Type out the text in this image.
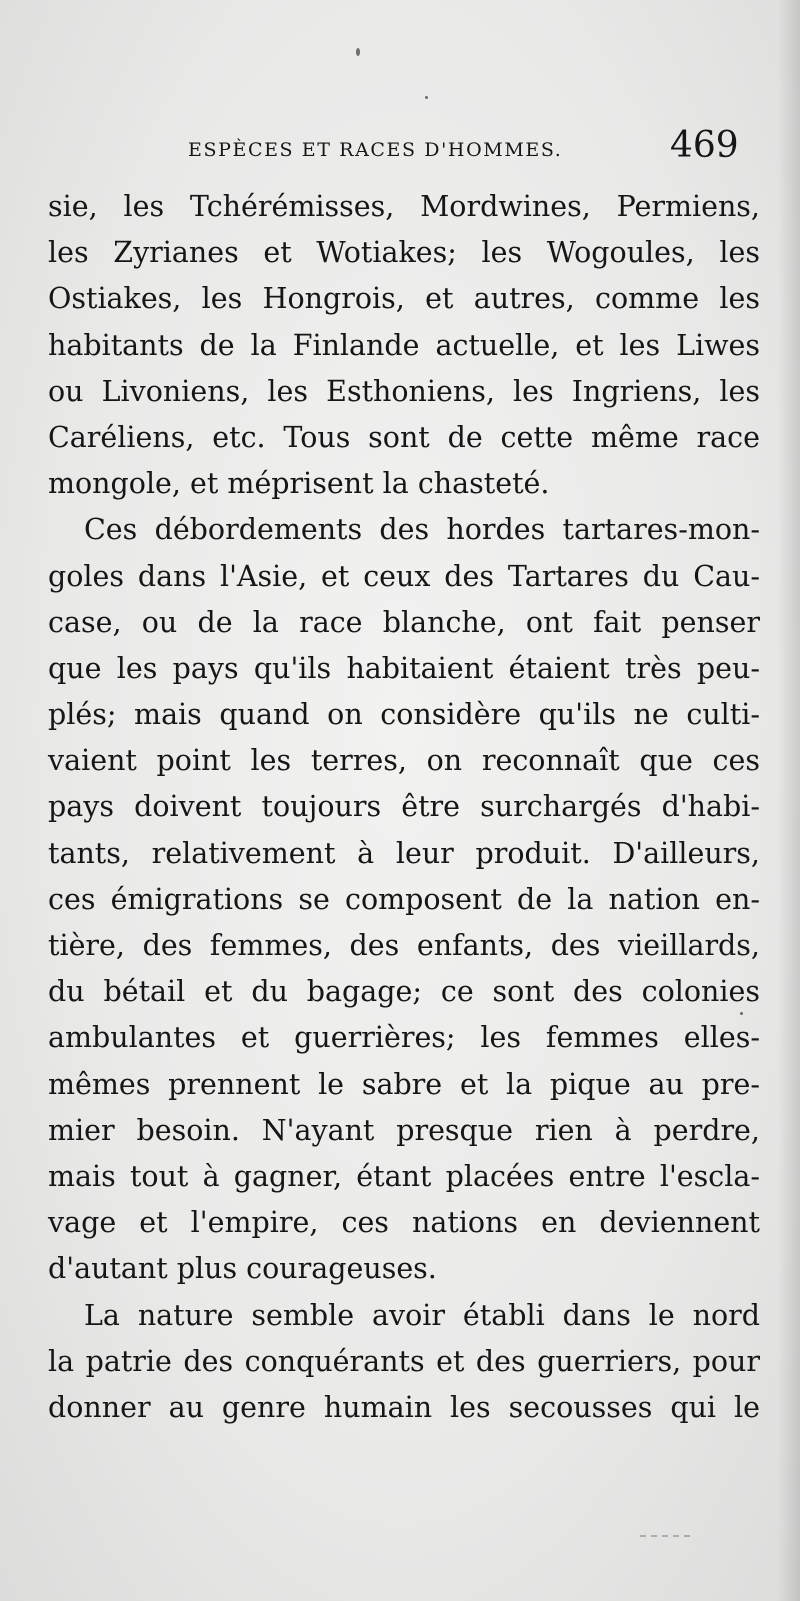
ESPÈCES ET RACES D'HOMMES.	469
sie, les Tchérémisses, Mordwines, Permiens,
les Zyrianes et Wotiakes; les Wogoules, les
Ostiakes, les Hongrois, et autres, comme les
habitants de la Finlande actuelle, et les Liwes
ou Livoniens, les Esthoniens, les Ingriens, les
Caréliens, etc. Tous sont de cette même race
mongole, et méprisent la chasteté.
Ces débordements des hordes tartares-mon-
goles dans l'Asie, et ceux des Tartares du Cau-
case, ou de la race blanche, ont fait penser
que les pays qu'ils habitaient étaient très peu-
plés; mais quand on considère qu'ils ne culti-
vaient point les terres, on reconnaît que ces
pays doivent toujours être surchargés d'habi-
tants, relativement à leur produit. D'ailleurs,
ces émigrations se composent de la nation en-
tière, des femmes, des enfants, des vieillards,
du bétail et du bagage; ce sont des colonies
ambulantes et guerrières; les femmes elles-
mêmes prennent le sabre et la pique au pre-
mier besoin. N'ayant presque rien à perdre,
mais tout à gagner, étant placées entre l'escla-
vage et l'empire, ces nations en deviennent
d'autant plus courageuses.
La nature semble avoir établi dans le nord
la patrie des conquérants et des guerriers, pour
donner au genre humain les secousses qui le
